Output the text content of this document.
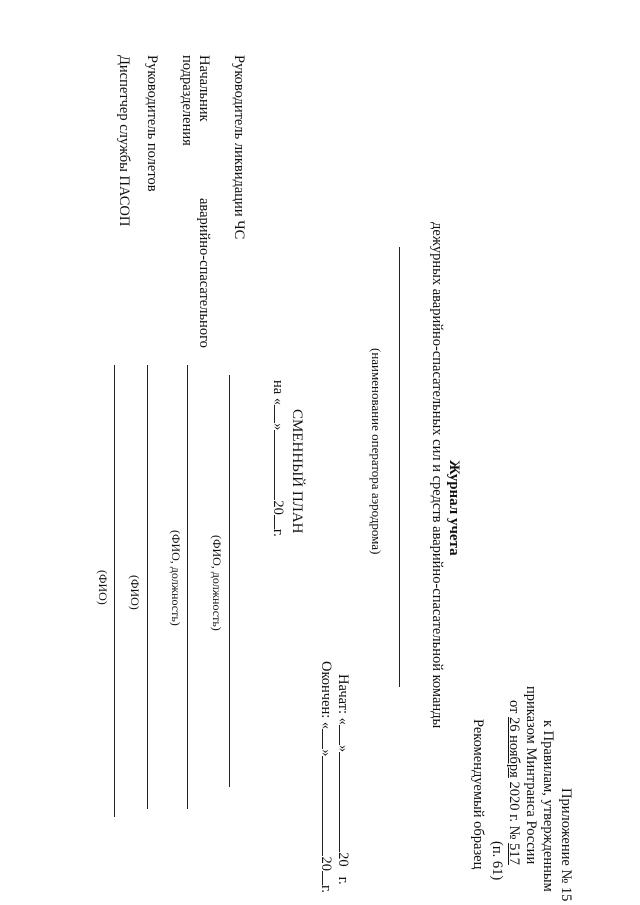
Приложение № 15
к Правилам, утвержденным
приказом Минтранса России
от 26 ноября 2020 г. № 517
(п. 61)
Рекомендуемый образец
Журнал учета
дежурных аварийно-спасательных сил и средств аварийно-спасательной команды
(наименование оператора аэродрома)
Начат: «»20г.
Окончен: «»20г.
СМЕННЫЙ ПЛАН
на «»20г.
Руководитель ликвидации ЧС
(ФИО, должность)
Начальник
аварийно-спасательного
подразделения
(ФИО, должность)
Руководитель полетов
(ФИО)
Диспетчер службы ПАСОП
(ФИО)
